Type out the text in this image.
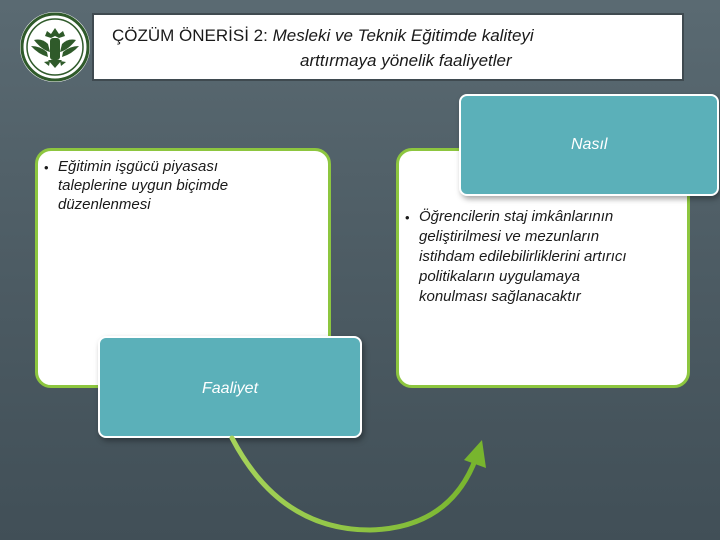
ÇÖZÜM ÖNERİSİ 2: Mesleki ve Teknik Eğitimde kaliteyi
arttırmaya yönelik faaliyetler
• Eğitimin işgücü piyasası
taleplerine uygun biçimde
düzenlenmesi
• Öğrencilerin staj imkânlarının
geliştirilmesi ve mezunların
istihdam edilebilirliklerini artırıcı
politikaların uygulamaya
konulması sağlanacaktır
Nasıl
Faaliyet
